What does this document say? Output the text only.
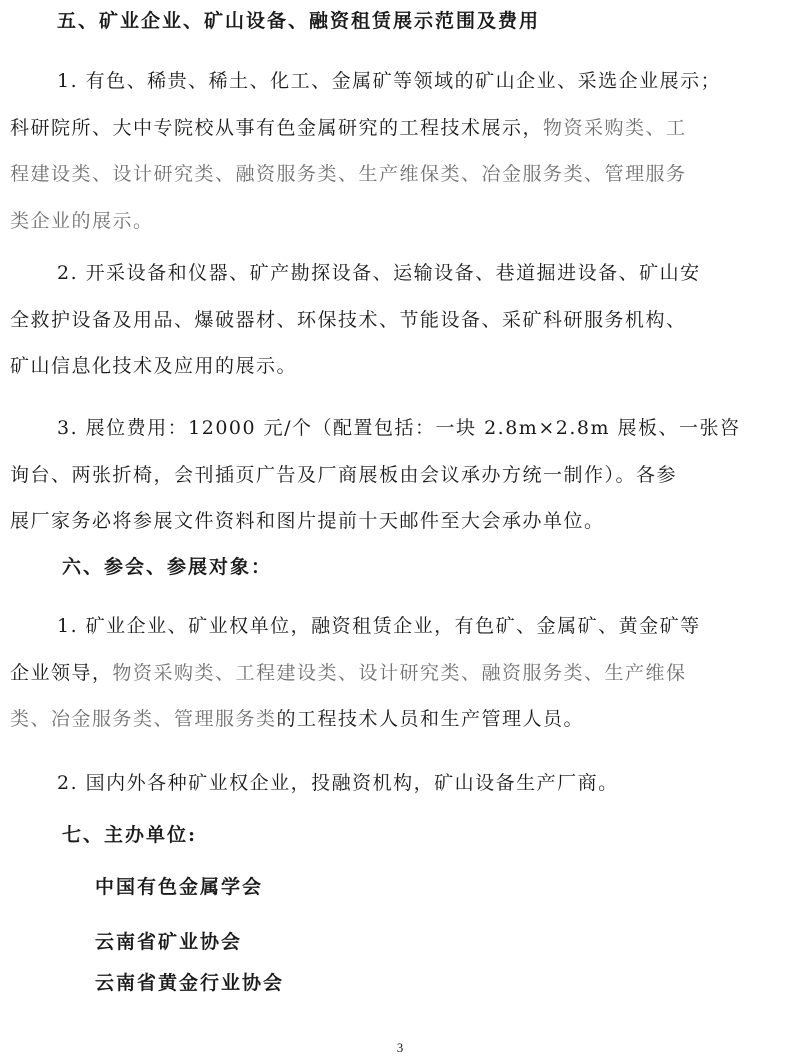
五、矿业企业、矿山设备、融资租赁展示范围及费用
1. 有色、稀贵、稀土、化工、金属矿等领域的矿山企业、采选企业展示；
科研院所、大中专院校从事有色金属研究的工程技术展示，物资采购类、工
程建设类、设计研究类、融资服务类、生产维保类、冶金服务类、管理服务
类企业的展示。
2. 开采设备和仪器、矿产勘探设备、运输设备、巷道掘进设备、矿山安
全救护设备及用品、爆破器材、环保技术、节能设备、采矿科研服务机构、
矿山信息化技术及应用的展示。
3. 展位费用：12000 元/个（配置包括：一块 2.8m×2.8m 展板、一张咨
询台、两张折椅，会刊插页广告及厂商展板由会议承办方统一制作）。各参
展厂家务必将参展文件资料和图片提前十天邮件至大会承办单位。
六、参会、参展对象：
1. 矿业企业、矿业权单位，融资租赁企业，有色矿、金属矿、黄金矿等
企业领导，物资采购类、工程建设类、设计研究类、融资服务类、生产维保
类、冶金服务类、管理服务类的工程技术人员和生产管理人员。
2. 国内外各种矿业权企业，投融资机构，矿山设备生产厂商。
七、主办单位:
中国有色金属学会
云南省矿业协会
云南省黄金行业协会
3
